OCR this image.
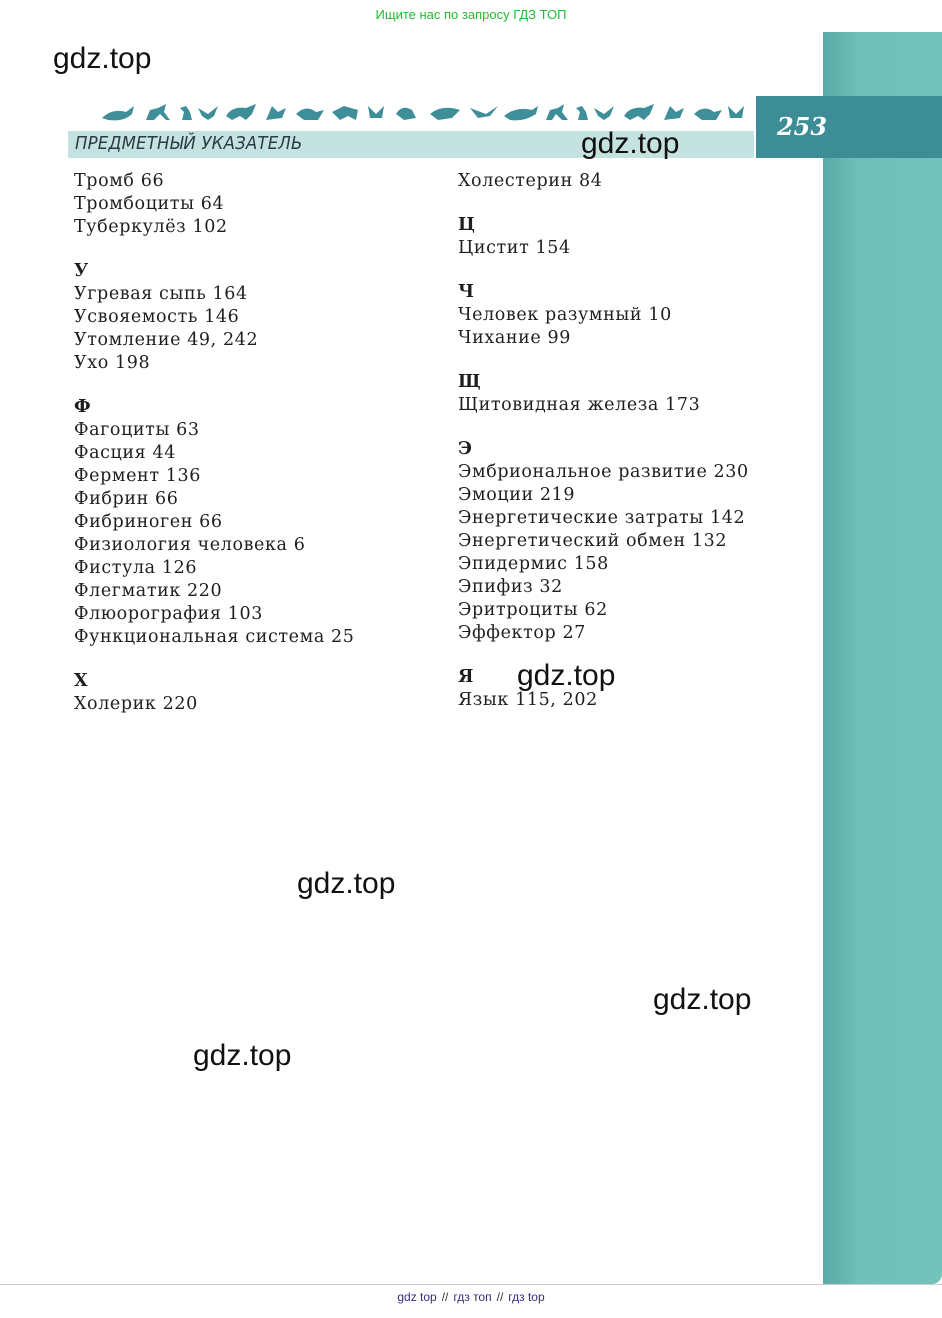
Ищите нас по запросу ГДЗ ТОП
ПРЕДМЕТНЫЙ УКАЗАТЕЛЬ
253
Тромб 66
Тромбоциты 64
Туберкулёз 102
У
Угревая сыпь 164
Усвояемость 146
Утомление 49, 242
Ухо 198
Ф
Фагоциты 63
Фасция 44
Фермент 136
Фибрин 66
Фибриноген 66
Физиология человека 6
Фистула 126
Флегматик 220
Флюорография 103
Функциональная система 25
Х
Холерик 220
Холестерин 84
Ц
Цистит 154
Ч
Человек разумный 10
Чихание 99
Щ
Щитовидная железа 173
Э
Эмбриональное развитие 230
Эмоции 219
Энергетические затраты 142
Энергетический обмен 132
Эпидермис 158
Эпифиз 32
Эритроциты 62
Эффектор 27
Я
Язык 115, 202
gdz.top
gdz.top
gdz.top
gdz.top
gdz.top
gdz.top
gdz top // гдз топ // гдз top
